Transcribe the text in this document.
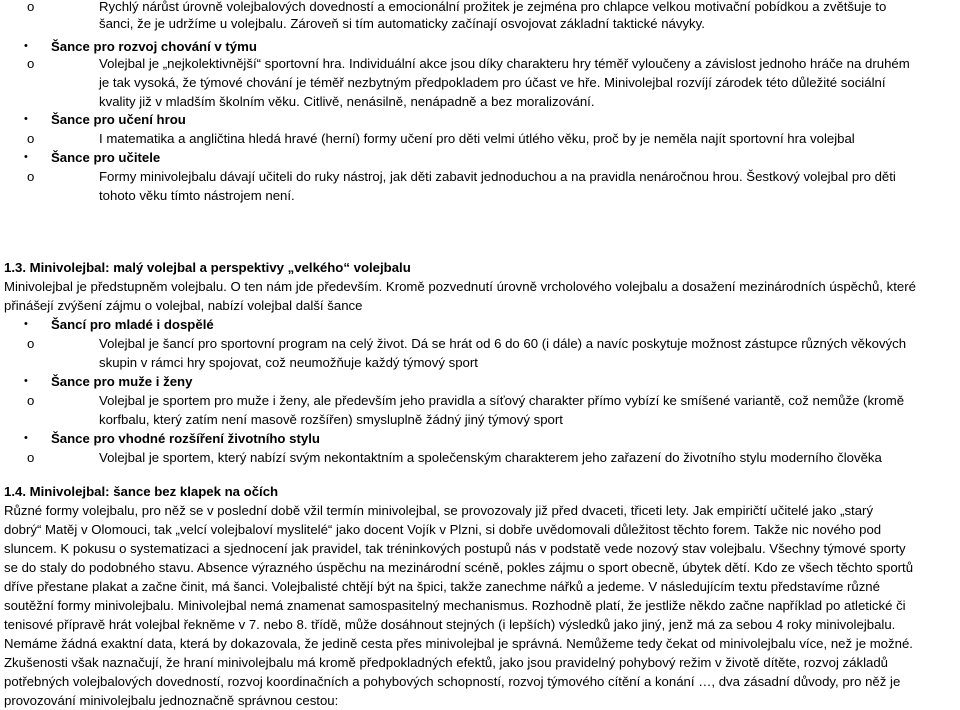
o	Rychlý nárůst úrovně volejbalových dovedností a emocionální prožitek je zejména pro chlapce velkou motivační pobídkou a zvětšuje to
šanci, že je udržíme u volejbalu. Zároveň si tím automaticky začínají osvojovat základní taktické návyky.
• Šance pro rozvoj chování v týmu
o	Volejbal je „nejkolektivnější“ sportovní hra. Individuální akce jsou díky charakteru hry téměř vyloučeny a závislost jednoho hráče na druhém
je tak vysoká, že týmové chování je téměř nezbytným předpokladem pro účast ve hře. Minivolejbal rozvíjí zárodek této důležité sociální
kvality již v mladším školním věku. Citlivě, nenásilně, nenápadně a bez moralizování.
• Šance pro učení hrou
o	I matematika a angličtina hledá hravé (herní) formy učení pro děti velmi útlého věku, proč by je neměla najít sportovní hra volejbal
• Šance pro učitele
o	Formy minivolejbalu dávají učiteli do ruky nástroj, jak děti zabavit jednoduchou a na pravidla nenáročnou hrou. Šestkový volejbal pro děti
tohoto věku tímto nástrojem není.
1.3. Minivolejbal: malý volejbal a perspektivy „velkého“ volejbalu
Minivolejbal je předstupněm volejbalu. O ten nám jde především. Kromě pozvednutí úrovně vrcholového volejbalu a dosažení mezinárodních úspěchů, které
přinášejí zvýšení zájmu o volejbal, nabízí volejbal další šance
• Šancí pro mladé i dospělé
o	Volejbal je šancí pro sportovní program na celý život. Dá se hrát od 6 do 60 (i dále) a navíc poskytuje možnost zástupce různých věkových
skupin v rámci hry spojovat, což neumožňuje každý týmový sport
• Šance pro muže i ženy
o	Volejbal je sportem pro muže i ženy, ale především jeho pravidla a síťový charakter přímo vybízí ke smíšené variantě, což nemůže (kromě
korfbalu, který zatím není masově rozšířen) smysluplně žádný jiný týmový sport
• Šance pro vhodné rozšíření životního stylu
o	Volejbal je sportem, který nabízí svým nekontaktním a společenským charakterem jeho zařazení do životního stylu moderního člověka
1.4. Minivolejbal: šance bez klapek na očích
Různé formy volejbalu, pro něž se v poslední době vžil termín minivolejbal, se provozovaly již před dvaceti, třiceti lety. Jak empiričtí učitelé jako „starý
dobrý“ Matěj v Olomouci, tak „velcí volejbaloví myslitelé“ jako docent Vojík v Plzni, si dobře uvědomovali důležitost těchto forem. Takže nic nového pod
sluncem. K pokusu o systematizaci a sjednocení jak pravidel, tak tréninkových postupů nás v podstatě vede nozový stav volejbalu. Všechny týmové sporty
se do staly do podobného stavu. Absence výrazného úspěchu na mezinárodní scéně, pokles zájmu o sport obecně, úbytek dětí. Kdo ze všech těchto sportů
dříve přestane plakat a začne činit, má šanci. Volejbalisté chtějí být na špici, takže zanechme nářků a jedeme. V následujícím textu představíme různé
soutěžní formy minivolejbalu. Minivolejbal nemá znamenat samospasitelný mechanismus. Rozhodně platí, že jestliže někdo začne například po atletické či
tenisové přípravě hrát volejbal řekněme v 7. nebo 8. třídě, může dosáhnout stejných (i lepších) výsledků jako jiný, jenž má za sebou 4 roky minivolejbalu.
Nemáme žádná exaktní data, která by dokazovala, že jedině cesta přes minivolejbal je správná. Nemůžeme tedy čekat od minivolejbalu více, než je možné.
Zkušenosti však naznačují, že hraní minivolejbalu má kromě předpokladných efektů, jako jsou pravidelný pohybový režim v životě dítěte, rozvoj základů
potřebných volejbalových dovedností, rozvoj koordinačních a pohybových schopností, rozvoj týmového cítění a konání …, dva zásadní důvody, pro něž je
provozování minivolejbalu jednoznačně správnou cestou:
